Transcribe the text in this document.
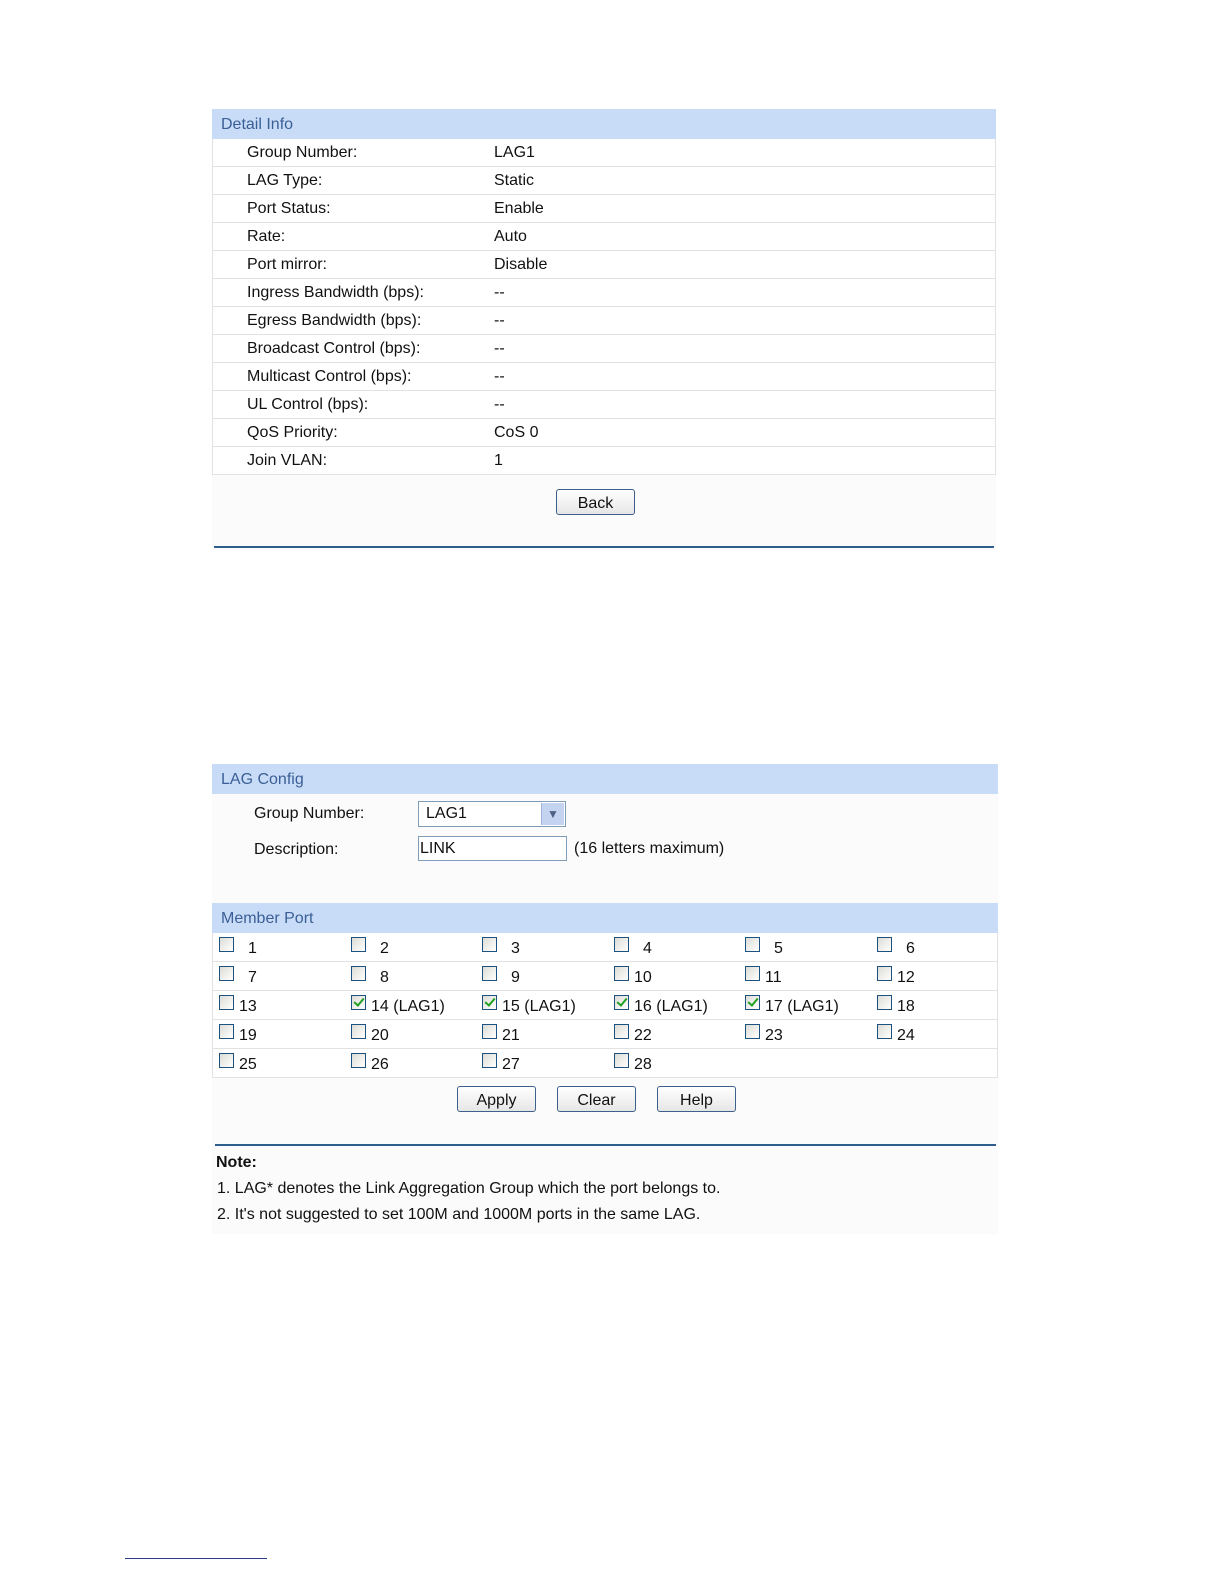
Detail Info
Group Number:	LAG1
LAG Type:	Static
Port Status:	Enable
Rate:	Auto
Port mirror:	Disable
Ingress Bandwidth (bps):	--
Egress Bandwidth (bps):	--
Broadcast Control (bps):	--
Multicast Control (bps):	--
UL Control (bps):	--
QoS Priority:	CoS 0
Join VLAN:	1
Back
LAG Config
Group Number:	LAG1	▼
Description:	LINK	(16 letters maximum)
Member Port
1	2	3	4	5	6
7	8	9	10	11	12
13	14 (LAG1)	15 (LAG1)	16 (LAG1)	17 (LAG1)	18
19	20	21	22	23	24
25	26	27	28
Apply	Clear	Help
Note:
1. LAG* denotes the Link Aggregation Group which the port belongs to.
2. It's not suggested to set 100M and 1000M ports in the same LAG.
